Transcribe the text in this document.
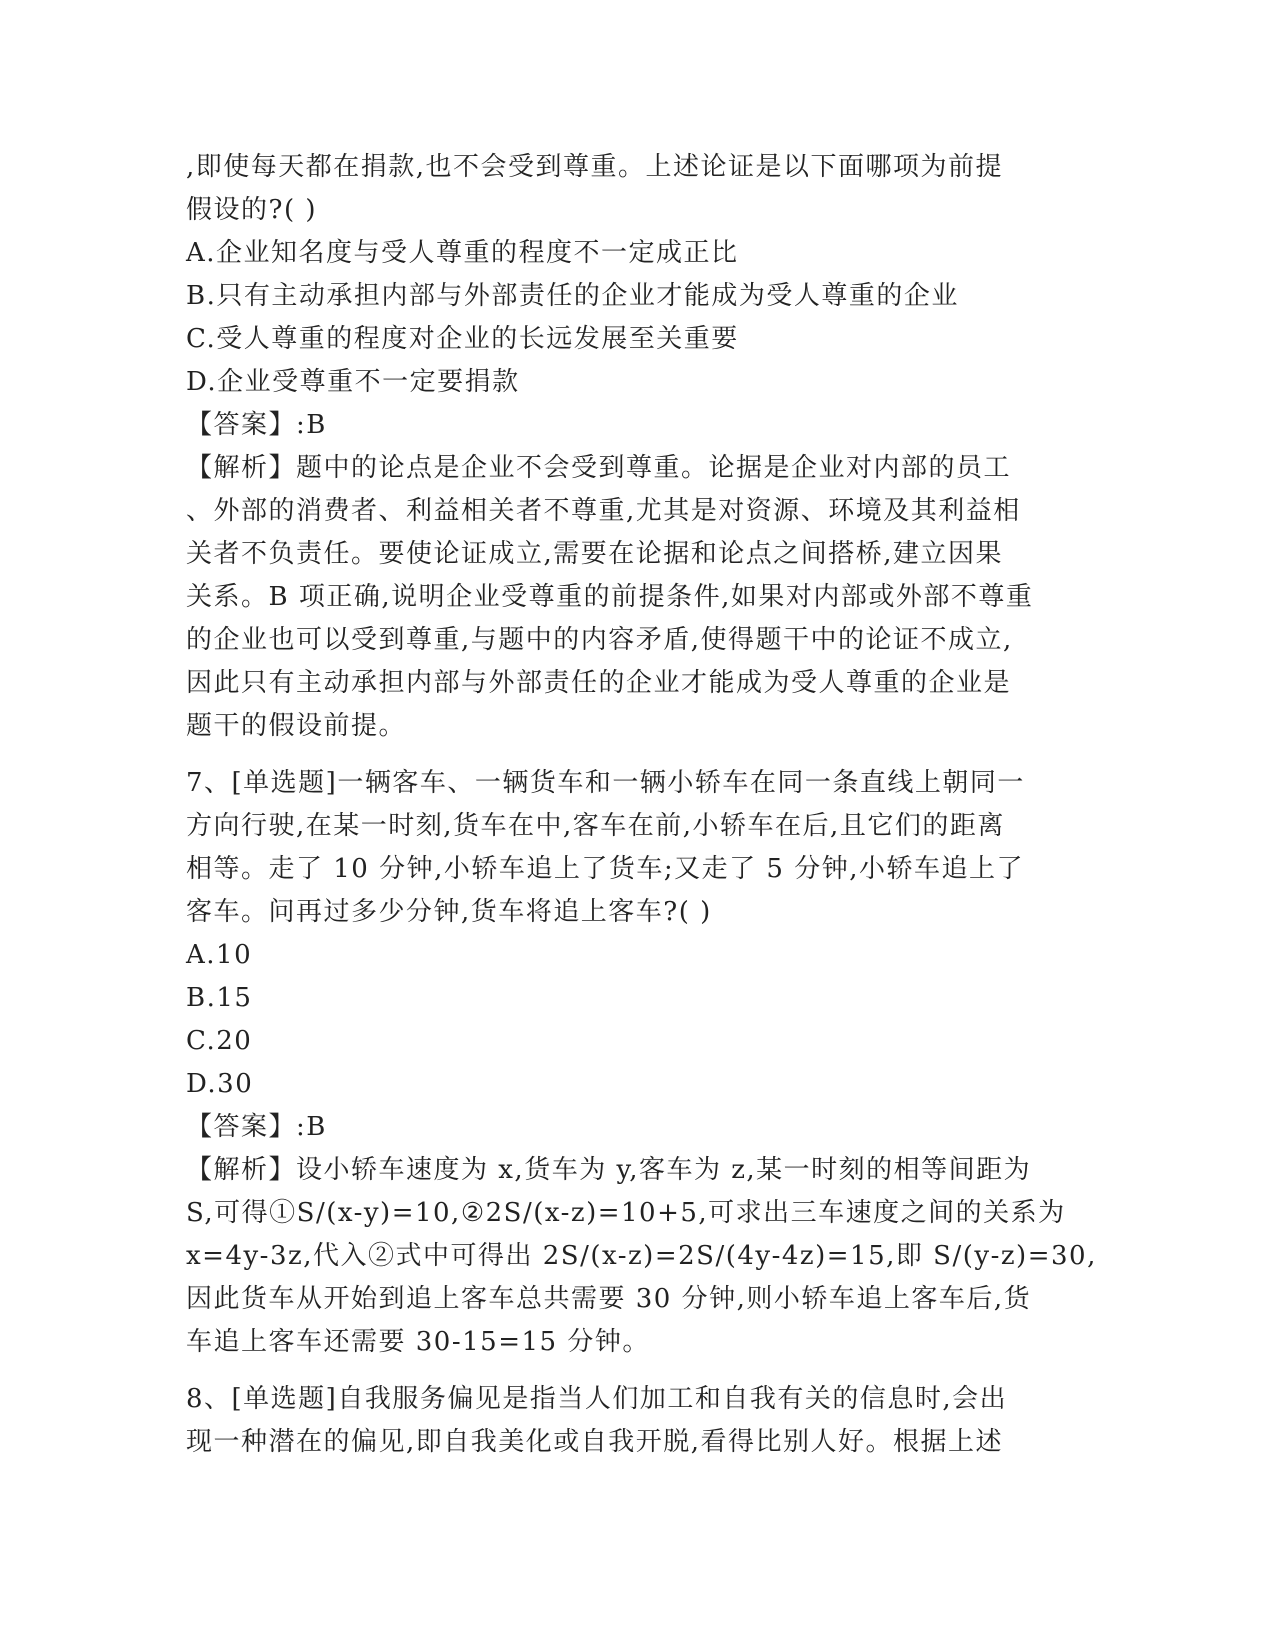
,即使每天都在捐款,也不会受到尊重。上述论证是以下面哪项为前提
假设的?( )
A.企业知名度与受人尊重的程度不一定成正比
B.只有主动承担内部与外部责任的企业才能成为受人尊重的企业
C.受人尊重的程度对企业的长远发展至关重要
D.企业受尊重不一定要捐款
【答案】:B
【解析】题中的论点是企业不会受到尊重。论据是企业对内部的员工
、外部的消费者、利益相关者不尊重,尤其是对资源、环境及其利益相
关者不负责任。要使论证成立,需要在论据和论点之间搭桥,建立因果
关系。B 项正确,说明企业受尊重的前提条件,如果对内部或外部不尊重
的企业也可以受到尊重,与题中的内容矛盾,使得题干中的论证不成立,
因此只有主动承担内部与外部责任的企业才能成为受人尊重的企业是
题干的假设前提。
7、[单选题]一辆客车、一辆货车和一辆小轿车在同一条直线上朝同一
方向行驶,在某一时刻,货车在中,客车在前,小轿车在后,且它们的距离
相等。走了 10 分钟,小轿车追上了货车;又走了 5 分钟,小轿车追上了
客车。问再过多少分钟,货车将追上客车?( )
A.10
B.15
C.20
D.30
【答案】:B
【解析】设小轿车速度为 x,货车为 y,客车为 z,某一时刻的相等间距为
S,可得①S/(x-y)=10,②2S/(x-z)=10+5,可求出三车速度之间的关系为
x=4y-3z,代入②式中可得出 2S/(x-z)=2S/(4y-4z)=15,即 S/(y-z)=30,
因此货车从开始到追上客车总共需要 30 分钟,则小轿车追上客车后,货
车追上客车还需要 30-15=15 分钟。
8、[单选题]自我服务偏见是指当人们加工和自我有关的信息时,会出
现一种潜在的偏见,即自我美化或自我开脱,看得比别人好。根据上述
